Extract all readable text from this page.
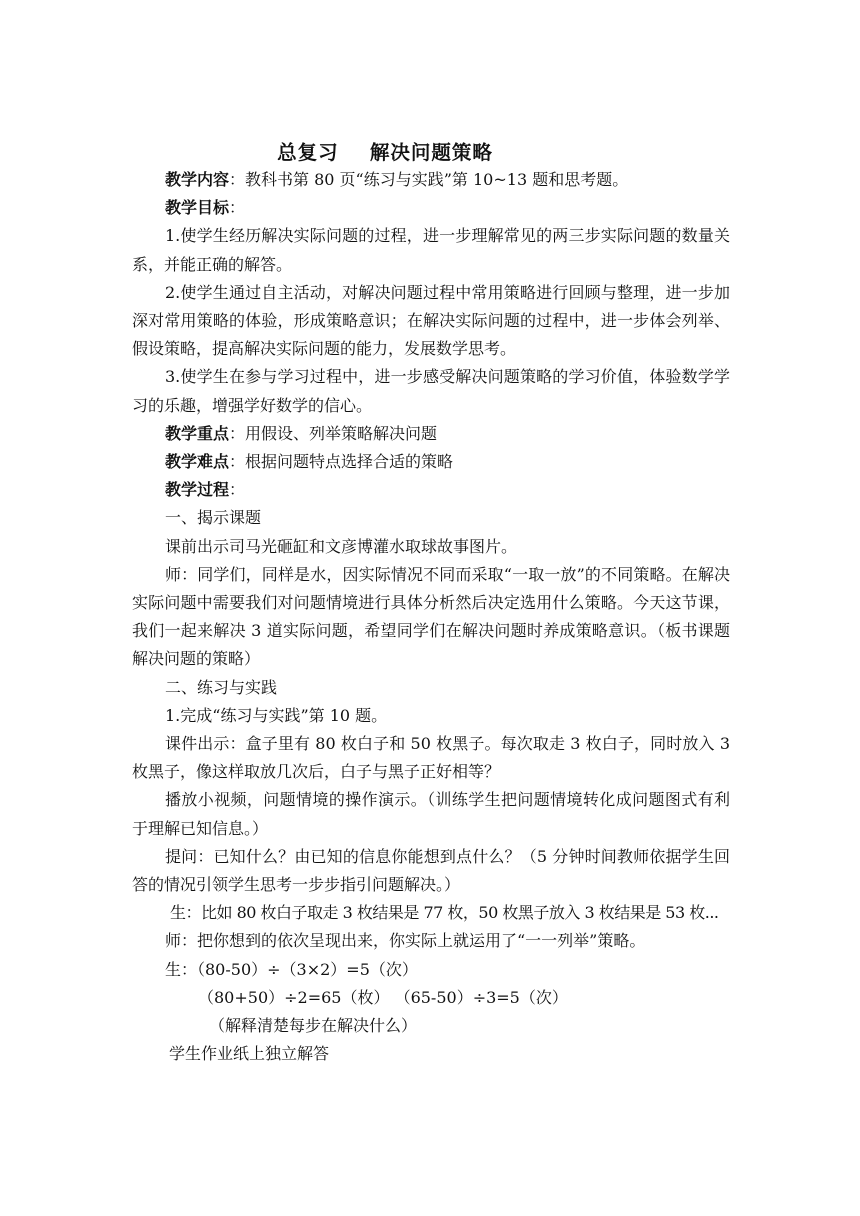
总复习    解决问题策略

教学内容：教科书第 80 页“练习与实践”第 10~13 题和思考题。

教学目标：

1.使学生经历解决实际问题的过程，进一步理解常见的两三步实际问题的数量关系，并能正确的解答。

2.使学生通过自主活动，对解决问题过程中常用策略进行回顾与整理，进一步加深对常用策略的体验，形成策略意识；在解决实际问题的过程中，进一步体会列举、假设策略，提高解决实际问题的能力，发展数学思考。

3.使学生在参与学习过程中，进一步感受解决问题策略的学习价值，体验数学学习的乐趣，增强学好数学的信心。

教学重点：用假设、列举策略解决问题

教学难点：根据问题特点选择合适的策略

教学过程：

一、揭示课题

课前出示司马光砸缸和文彦博灌水取球故事图片。

师：同学们，同样是水，因实际情况不同而采取“一取一放”的不同策略。在解决实际问题中需要我们对问题情境进行具体分析然后决定选用什么策略。今天这节课，我们一起来解决 3 道实际问题，希望同学们在解决问题时养成策略意识。（板书课题解决问题的策略）

二、练习与实践

1.完成“练习与实践”第 10 题。

课件出示：盒子里有 80 枚白子和 50 枚黑子。每次取走 3 枚白子，同时放入 3 枚黑子，像这样取放几次后，白子与黑子正好相等？

播放小视频，问题情境的操作演示。（训练学生把问题情境转化成问题图式有利于理解已知信息。）

提问：已知什么？由已知的信息你能想到点什么？（5 分钟时间教师依据学生回答的情况引领学生思考一步步指引问题解决。）

生：比如 80 枚白子取走 3 枚结果是 77 枚，50 枚黑子放入 3 枚结果是 53 枚...

师：把你想到的依次呈现出来，你实际上就运用了“一一列举”策略。

生：（80-50）÷（3×2）=5（次）

（80+50）÷2=65（枚） （65-50）÷3=5（次）

（解释清楚每步在解决什么）

学生作业纸上独立解答
